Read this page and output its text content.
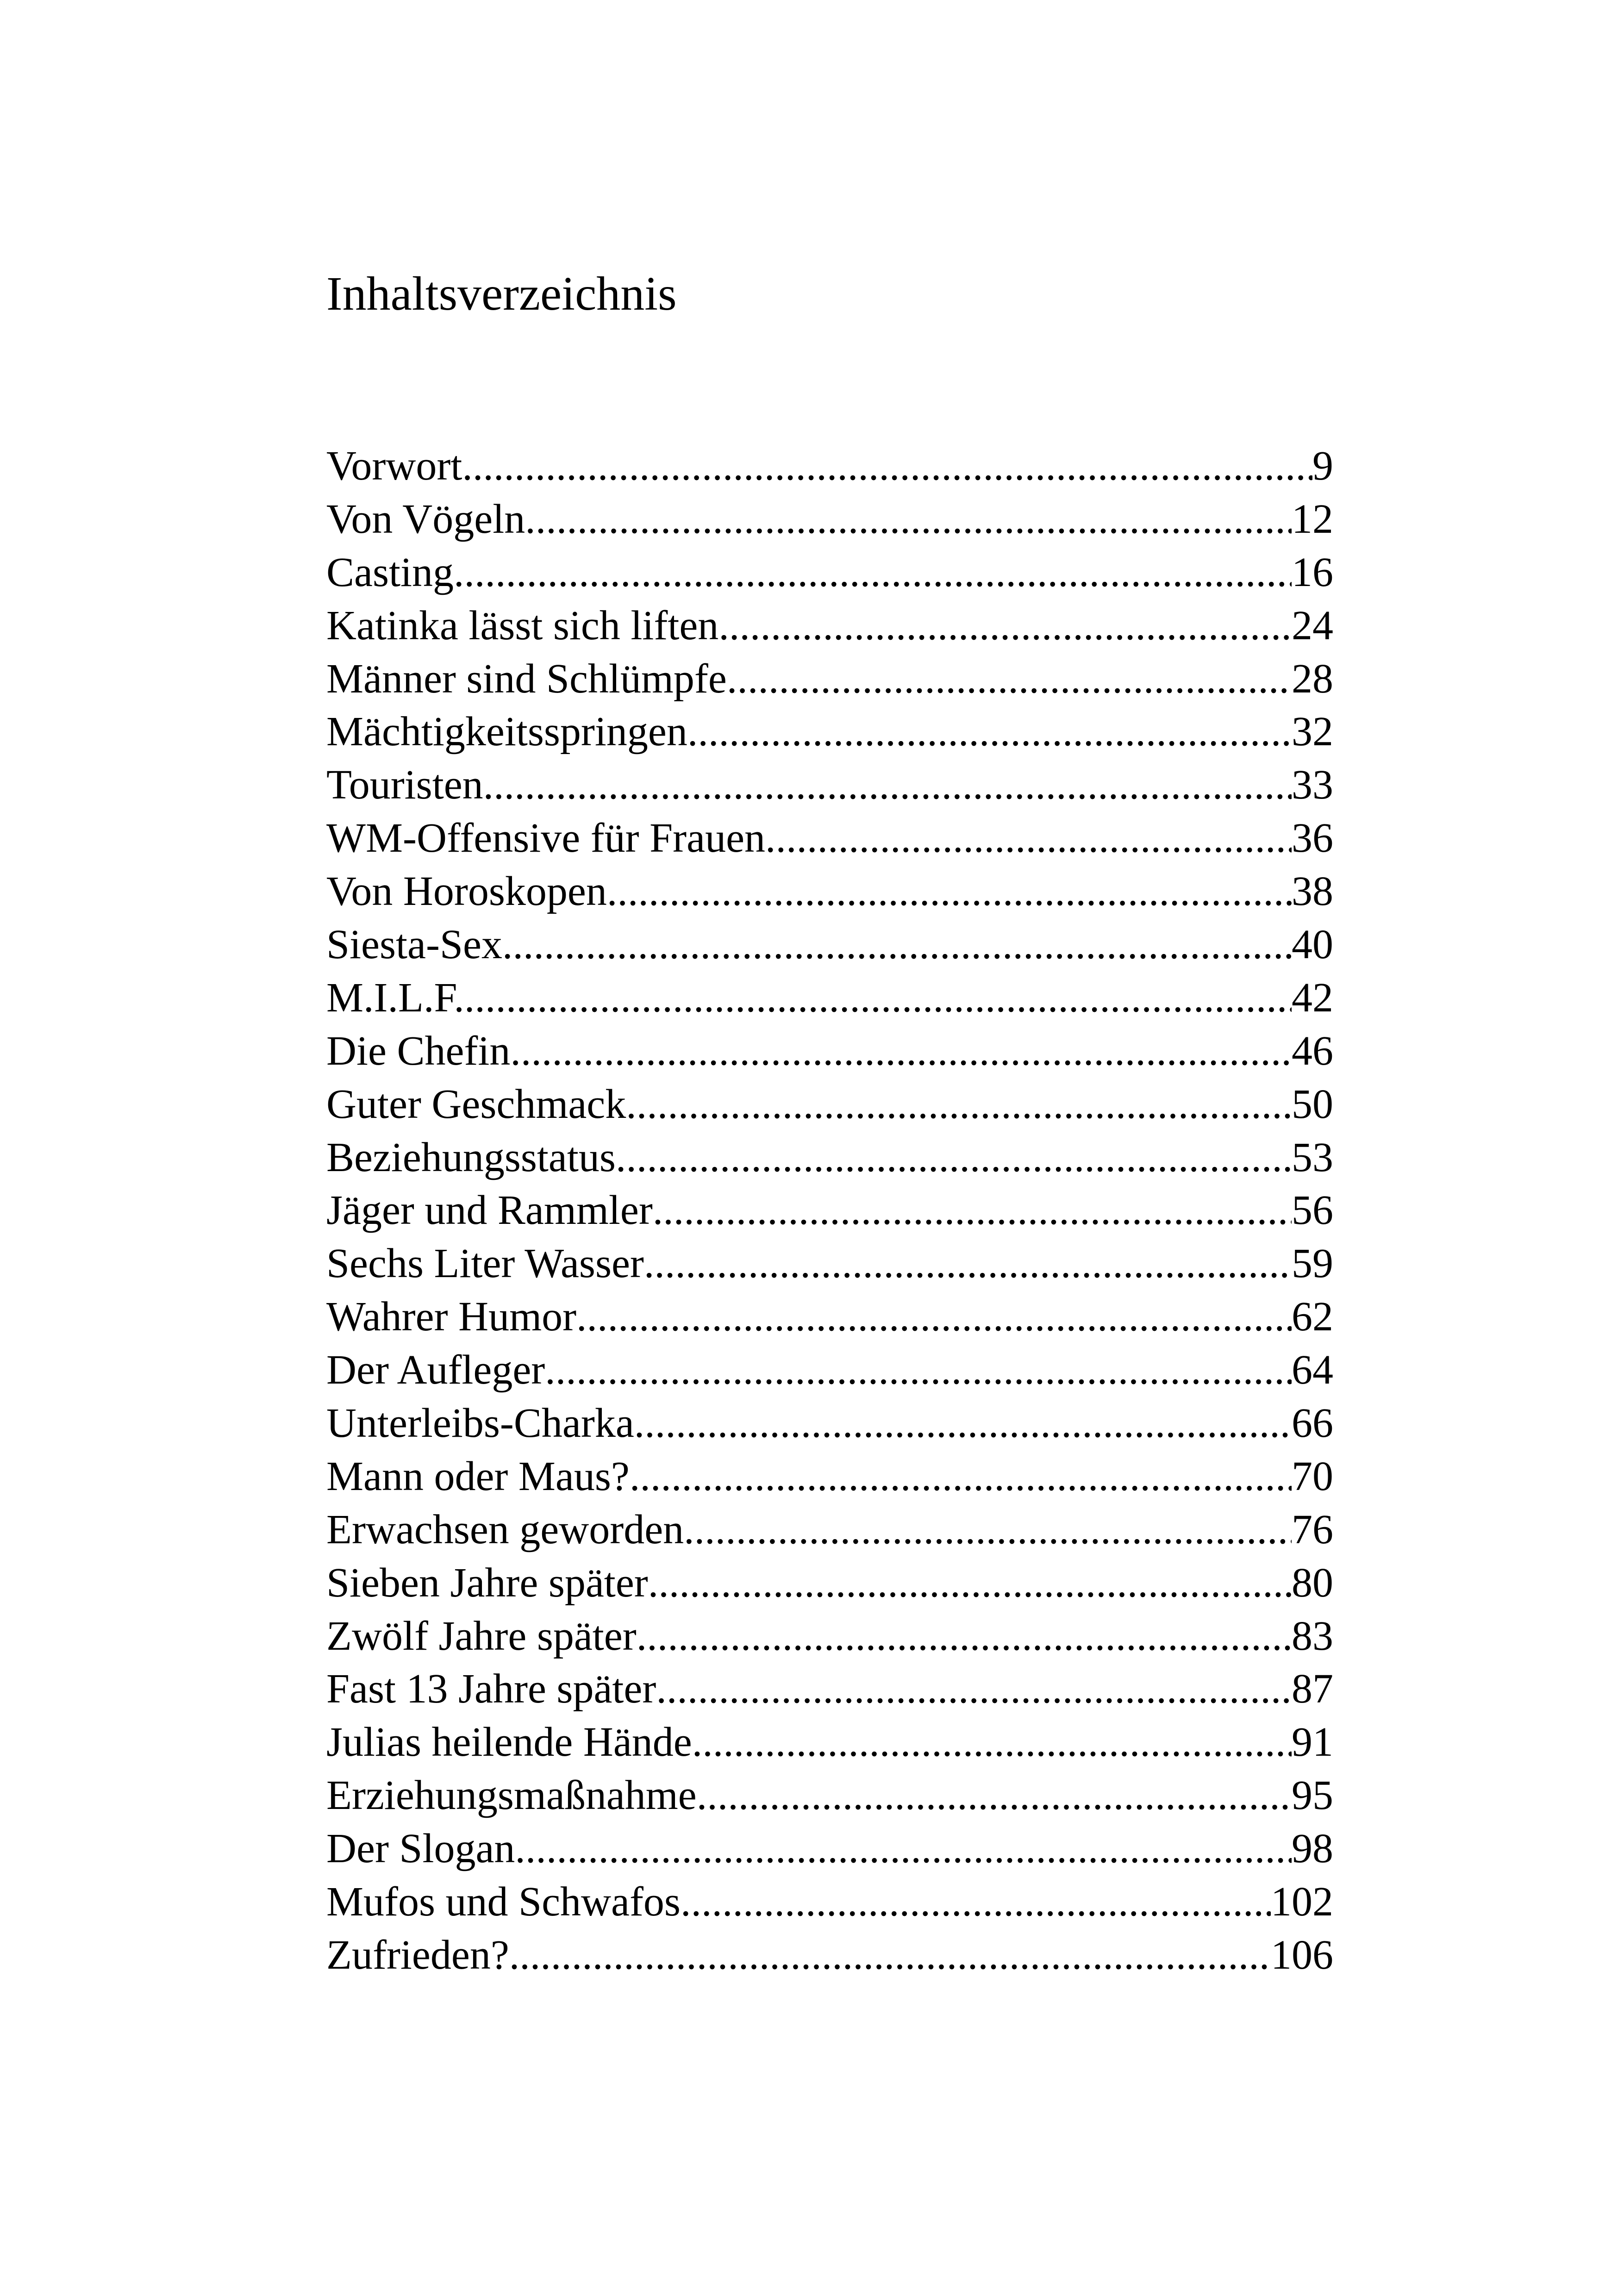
Inhaltsverzeichnis
Vorwort .....	9
Von Vögeln .....	12
Casting .....	16
Katinka lässt sich liften .....	24
Männer sind Schlümpfe .....	28
Mächtigkeitsspringen .....	32
Touristen .....	33
WM-Offensive für Frauen .....	36
Von Horoskopen .....	38
Siesta-Sex .....	40
M.I.L.F. .....	42
Die Chefin .....	46
Guter Geschmack .....	50
Beziehungsstatus .....	53
Jäger und Rammler .....	56
Sechs Liter Wasser .....	59
Wahrer Humor .....	62
Der Aufleger .....	64
Unterleibs-Charka .....	66
Mann oder Maus? .....	70
Erwachsen geworden .....	76
Sieben Jahre später .....	80
Zwölf Jahre später .....	83
Fast 13 Jahre später .....	87
Julias heilende Hände .....	91
Erziehungsmaßnahme .....	95
Der Slogan .....	98
Mufos und Schwafos .....	102
Zufrieden? .....	106
